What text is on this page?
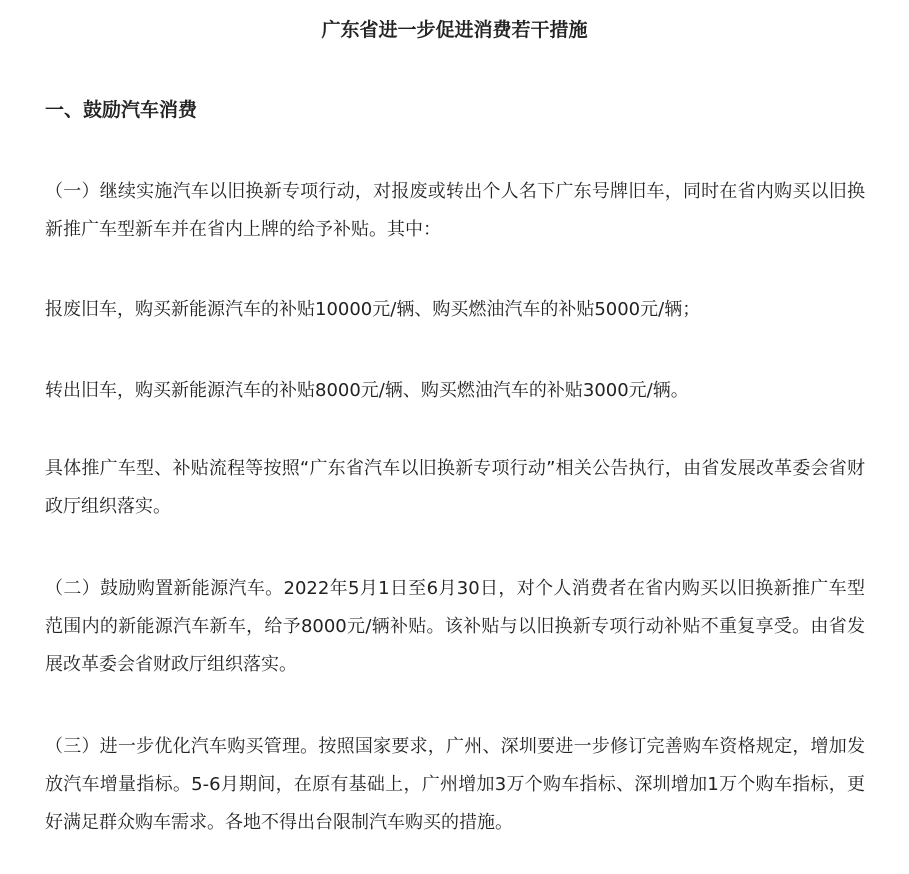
广东省进一步促进消费若干措施
一、鼓励汽车消费

（一）继续实施汽车以旧换新专项行动，对报废或转出个人名下广东号牌旧车，同时在省内购买以旧换新推广车型新车并在省内上牌的给予补贴。其中：

报废旧车，购买新能源汽车的补贴10000元/辆、购买燃油汽车的补贴5000元/辆；

转出旧车，购买新能源汽车的补贴8000元/辆、购买燃油汽车的补贴3000元/辆。

具体推广车型、补贴流程等按照“广东省汽车以旧换新专项行动”相关公告执行，由省发展改革委会省财政厅组织落实。

（二）鼓励购置新能源汽车。2022年5月1日至6月30日，对个人消费者在省内购买以旧换新推广车型范围内的新能源汽车新车，给予8000元/辆补贴。该补贴与以旧换新专项行动补贴不重复享受。由省发展改革委会省财政厅组织落实。

（三）进一步优化汽车购买管理。按照国家要求，广州、深圳要进一步修订完善购车资格规定，增加发放汽车增量指标。5-6月期间，在原有基础上，广州增加3万个购车指标、深圳增加1万个购车指标，更好满足群众购车需求。各地不得出台限制汽车购买的措施。
